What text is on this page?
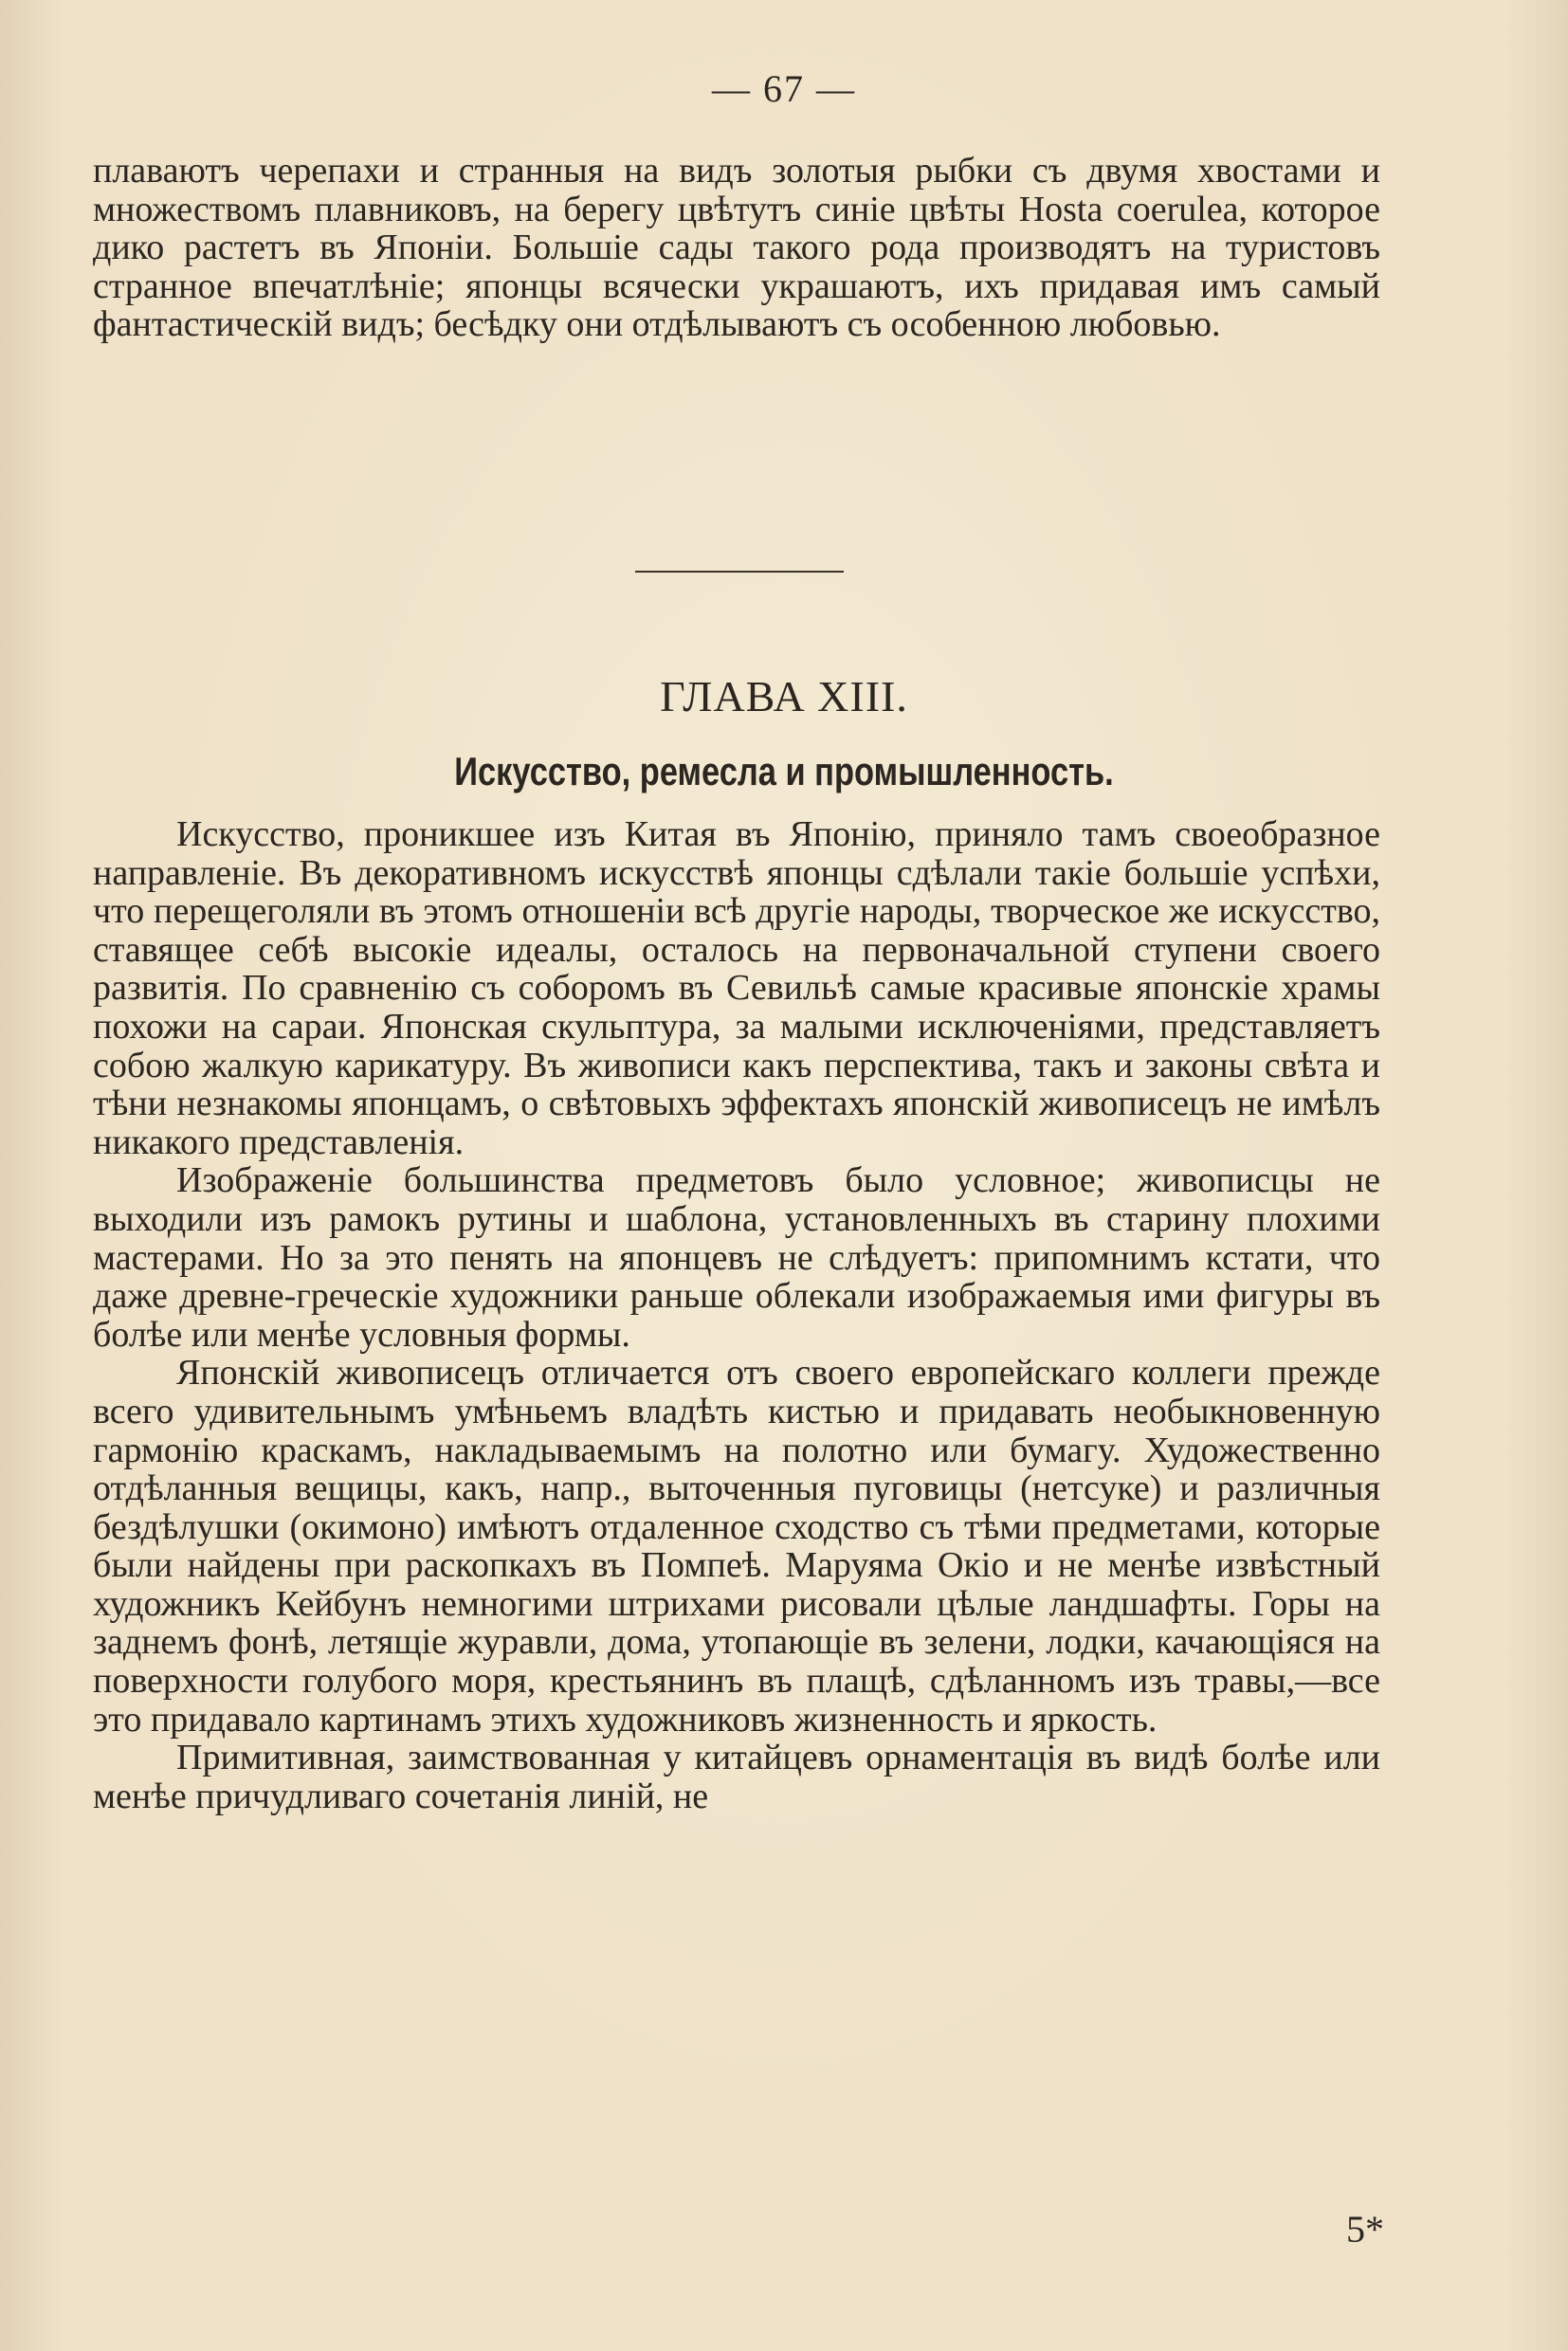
— 67 —

плаваютъ черепахи и странныя на видъ золотыя рыбки съ двумя хвостами и множествомъ плавниковъ, на берегу цвѣтутъ синіе цвѣты Hosta coerulea, которое дико растетъ въ Японіи. Большіе сады такого рода производятъ на туристовъ странное впечатлѣніе; японцы всячески украшаютъ, ихъ придавая имъ самый фантастическій видъ; бесѣдку они отдѣлываютъ съ особенною любовью.

ГЛАВА XIII.
Искусство, ремесла и промышленность.

Искусство, проникшее изъ Китая въ Японію, приняло тамъ своеобразное направленіе. Въ декоративномъ искусствѣ японцы сдѣлали такіе большіе успѣхи, что перещеголяли въ этомъ отношеніи всѣ другіе народы, творческое же искусство, ставящее себѣ высокіе идеалы, осталось на первоначальной ступени своего развитія. По сравненію съ соборомъ въ Севильѣ самые красивые японскіе храмы похожи на сараи. Японская скульптура, за малыми исключеніями, представляетъ собою жалкую карикатуру. Въ живописи какъ перспектива, такъ и законы свѣта и тѣни незнакомы японцамъ, о свѣтовыхъ эффектахъ японскій живописецъ не имѣлъ никакого представленія.

Изображеніе большинства предметовъ было условное; живописцы не выходили изъ рамокъ рутины и шаблона, установленныхъ въ старину плохими мастерами. Но за это пенять на японцевъ не слѣдуетъ: припомнимъ кстати, что даже древне-греческіе художники раньше облекали изображаемыя ими фигуры въ болѣе или менѣе условныя формы.

Японскій живописецъ отличается отъ своего европейскаго коллеги прежде всего удивительнымъ умѣньемъ владѣть кистью и придавать необыкновенную гармонію краскамъ, накладываемымъ на полотно или бумагу. Художественно отдѣланныя вещицы, какъ, напр., выточенныя пуговицы (нетсуке) и различныя бездѣлушки (окимоно) имѣютъ отдаленное сходство съ тѣми предметами, которые были найдены при раскопкахъ въ Помпеѣ. Маруяма Окіо и не менѣе извѣстный художникъ Кейбунъ немногими штрихами рисовали цѣлые ландшафты. Горы на заднемъ фонѣ, летящіе журавли, дома, утопающіе въ зелени, лодки, качающіяся на поверхности голубого моря, крестьянинъ въ плащѣ, сдѣланномъ изъ травы,—все это придавало картинамъ этихъ художниковъ жизненность и яркость.

Примитивная, заимствованная у китайцевъ орнаментація въ видѣ болѣе или менѣе причудливаго сочетанія линій, не

5*
